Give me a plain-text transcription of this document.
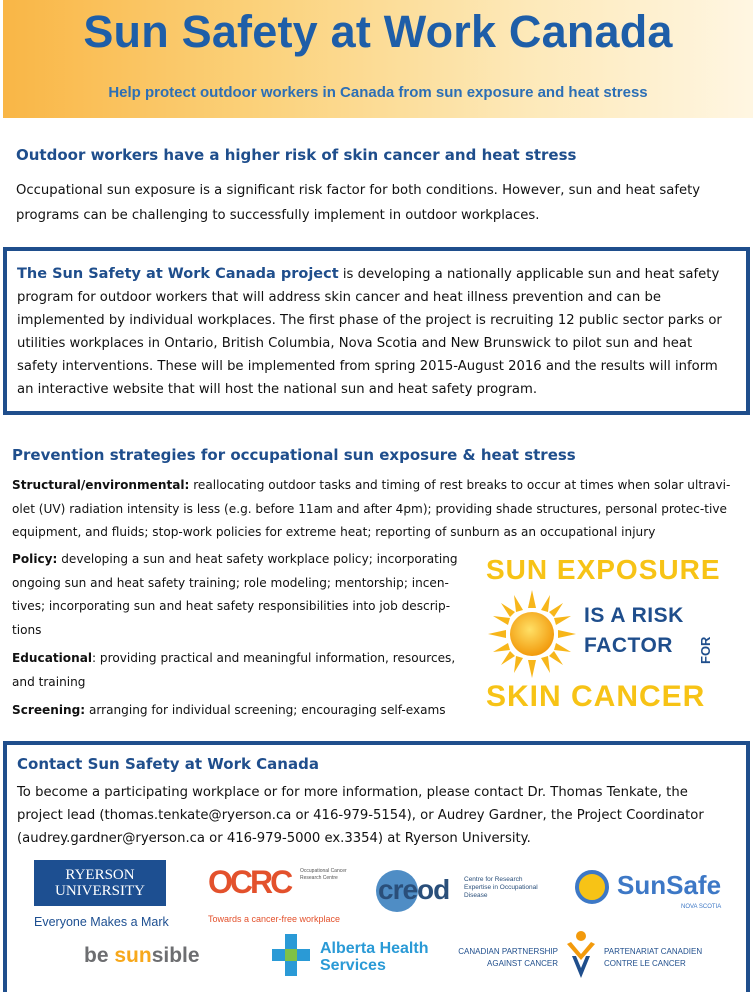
Sun Safety at Work Canada
Help protect outdoor workers in Canada from sun exposure and heat stress
Outdoor workers have a higher risk of skin cancer and heat stress
Occupational sun exposure is a significant risk factor for both conditions. However, sun and heat safety programs can be challenging to successfully implement in outdoor workplaces.

The Sun Safety at Work Canada project is developing a nationally applicable sun and heat safety program for outdoor workers that will address skin cancer and heat illness prevention and can be implemented by individual workplaces. The first phase of the project is recruiting 12 public sector parks or utilities workplaces in Ontario, British Columbia, Nova Scotia and New Brunswick to pilot sun and heat safety interventions. These will be implemented from spring 2015-August 2016 and the results will inform an interactive website that will host the national sun and heat safety program.

Prevention strategies for occupational sun exposure & heat stress
Structural/environmental: reallocating outdoor tasks and timing of rest breaks to occur at times when solar ultravi-olet (UV) radiation intensity is less (e.g. before 11am and after 4pm); providing shade structures, personal protec-tive equipment, and fluids; stop-work policies for extreme heat; reporting of sunburn as an occupational injury

Policy: developing a sun and heat safety workplace policy; incorporating ongoing sun and heat safety training; role modeling; mentorship; incen-tives; incorporating sun and heat safety responsibilities into job descrip-tions

Educational: providing practical and meaningful information, resources, and training

Screening: arranging for individual screening; encouraging self-exams

SUN EXPOSURE
IS A RISK
FACTOR FOR
SKIN CANCER
Contact Sun Safety at Work Canada
To become a participating workplace or for more information, please contact Dr. Thomas Tenkate, the project lead (thomas.tenkate@ryerson.ca or 416-979-5154), or Audrey Gardner, the Project Coordinator (audrey.gardner@ryerson.ca or 416-979-5000 ex.3354) at Ryerson University.
RYERSON
UNIVERSITY
Everyone Makes a Mark
OCRC Occupational Cancer Research Centre
Towards a cancer-free workplace
creod Centre for Research Expertise in Occupational Disease	SunSafe
NOVA SCOTIA
be sunsible	Alberta Health
Services
CANADIAN PARTNERSHIP
AGAINST CANCER
PARTENARIAT CANADIEN
CONTRE LE CANCER
